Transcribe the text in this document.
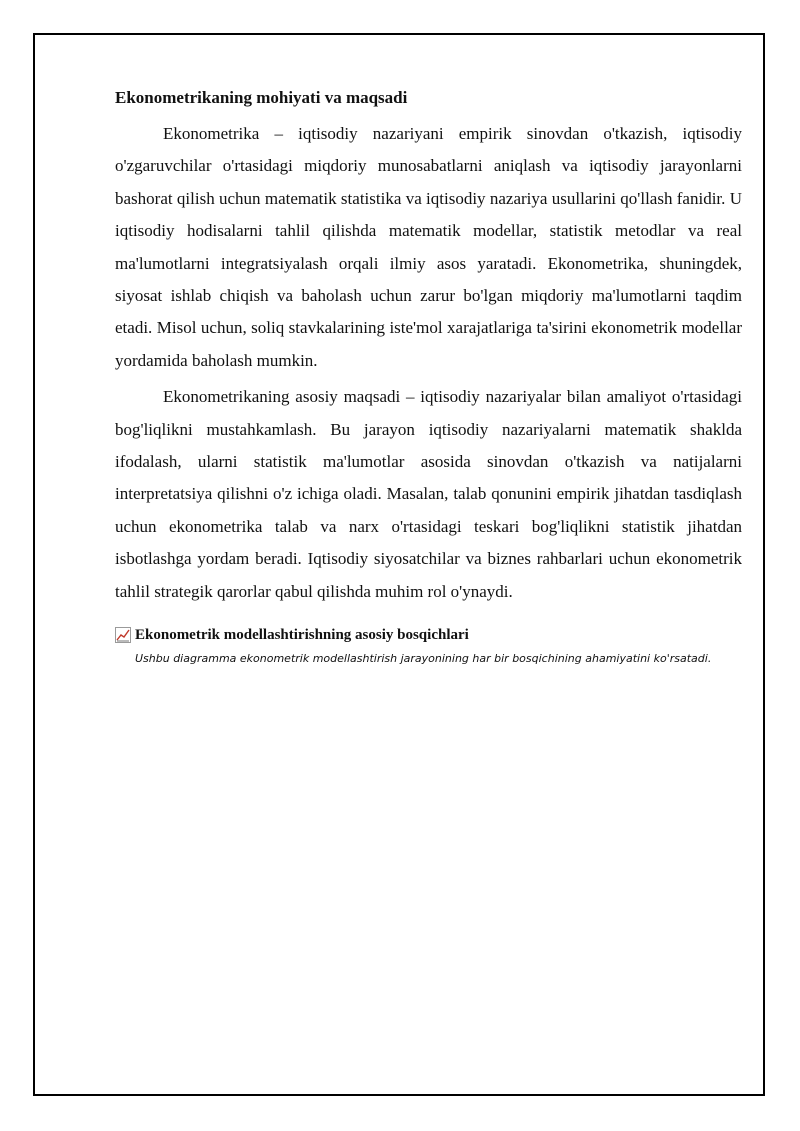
Ekonometrikaning mohiyati va maqsadi

Ekonometrika – iqtisodiy nazariyani empirik sinovdan o'tkazish, iqtisodiy o'zgaruvchilar o'rtasidagi miqdoriy munosabatlarni aniqlash va iqtisodiy jarayonlarni bashorat qilish uchun matematik statistika va iqtisodiy nazariya usullarini qo'llash fanidir. U iqtisodiy hodisalarni tahlil qilishda matematik modellar, statistik metodlar va real ma'lumotlarni integratsiyalash orqali ilmiy asos yaratadi. Ekonometrika, shuningdek, siyosat ishlab chiqish va baholash uchun zarur bo'lgan miqdoriy ma'lumotlarni taqdim etadi. Misol uchun, soliq stavkalarining iste'mol xarajatlariga ta'sirini ekonometrik modellar yordamida baholash mumkin.

Ekonometrikaning asosiy maqsadi – iqtisodiy nazariyalar bilan amaliyot o'rtasidagi bog'liqlikni mustahkamlash. Bu jarayon iqtisodiy nazariyalarni matematik shaklda ifodalash, ularni statistik ma'lumotlar asosida sinovdan o'tkazish va natijalarni interpretatsiya qilishni o'z ichiga oladi. Masalan, talab qonunini empirik jihatdan tasdiqlash uchun ekonometrika talab va narx o'rtasidagi teskari bog'liqlikni statistik jihatdan isbotlashga yordam beradi. Iqtisodiy siyosatchilar va biznes rahbarlari uchun ekonometrik tahlil strategik qarorlar qabul qilishda muhim rol o'ynaydi.

Ekonometrik modellashtirishning asosiy bosqichlari
Ushbu diagramma ekonometrik modellashtirish jarayonining har bir bosqichining ahamiyatini ko'rsatadi.
